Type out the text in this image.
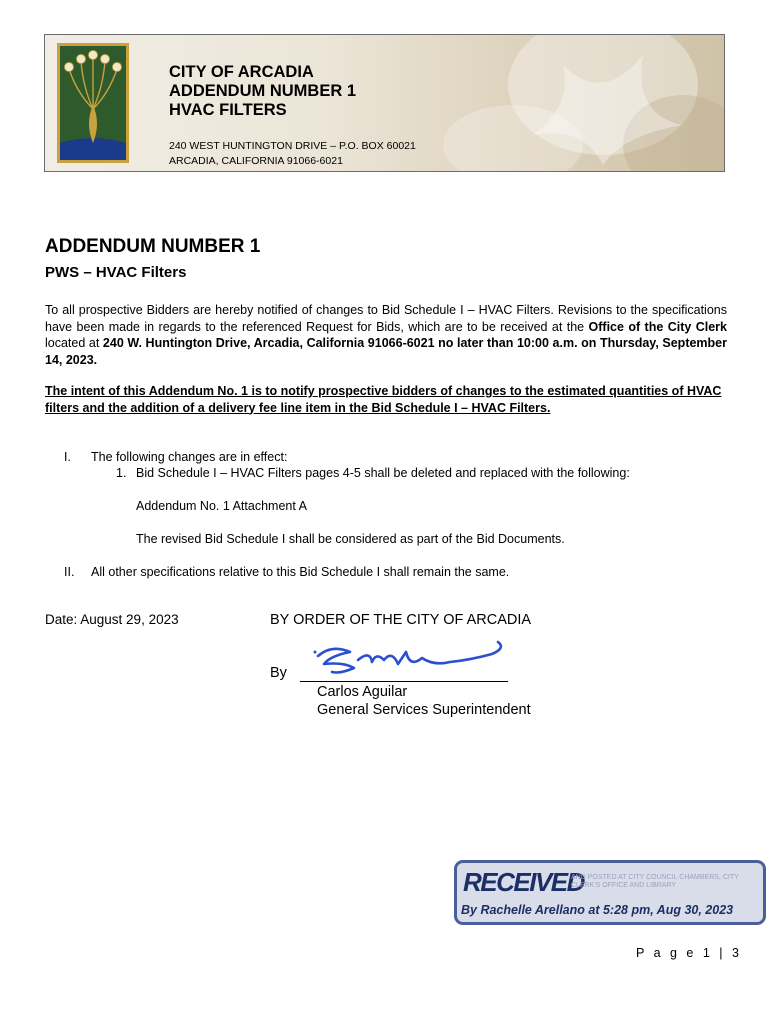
CITY OF ARCADIA
ADDENDUM NUMBER 1
HVAC FILTERS
240 WEST HUNTINGTON DRIVE – P.O. BOX 60021
ARCADIA, CALIFORNIA 91066-6021
ADDENDUM NUMBER 1
PWS – HVAC Filters
To all prospective Bidders are hereby notified of changes to Bid Schedule I – HVAC Filters. Revisions to the specifications have been made in regards to the referenced Request for Bids, which are to be received at the Office of the City Clerk located at 240 W. Huntington Drive, Arcadia, California 91066-6021 no later than 10:00 a.m. on Thursday, September 14, 2023.
The intent of this Addendum No. 1 is to notify prospective bidders of changes to the estimated quantities of HVAC filters and the addition of a delivery fee line item in the Bid Schedule I – HVAC Filters.
I. The following changes are in effect:
1. Bid Schedule I – HVAC Filters pages 4-5 shall be deleted and replaced with the following:
Addendum No. 1 Attachment A
The revised Bid Schedule I shall be considered as part of the Bid Documents.
II. All other specifications relative to this Bid Schedule I shall remain the same.
Date: August 29, 2023	BY ORDER OF THE CITY OF ARCADIA
By
Carlos Aguilar
General Services Superintendent
RECEIVED
AND POSTED AT CITY COUNCIL CHAMBERS, CITY CLERK'S OFFICE AND LIBRARY
By Rachelle Arellano at 5:28 pm, Aug 30, 2023
P a g e 1 | 3
